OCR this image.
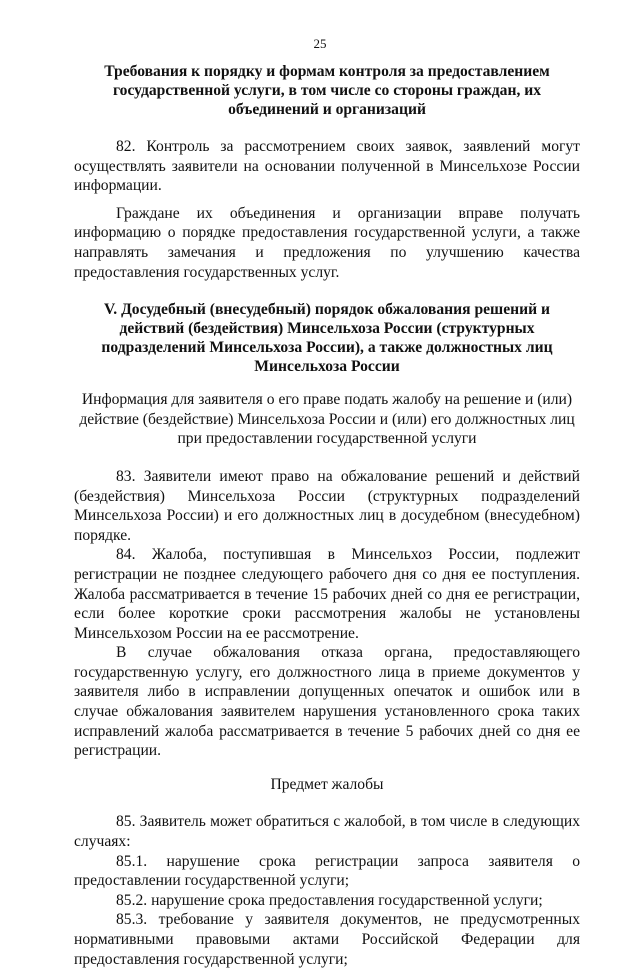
25
Требования к порядку и формам контроля за предоставлением государственной услуги, в том числе со стороны граждан, их объединений и организаций

82. Контроль за рассмотрением своих заявок, заявлений могут осуществлять заявители на основании полученной в Минсельхозе России информации.

Граждане их объединения и организации вправе получать информацию о порядке предоставления государственной услуги, а также направлять замечания и предложения по улучшению качества предоставления государственных услуг.

V. Досудебный (внесудебный) порядок обжалования решений и действий (бездействия) Минсельхоза России (структурных подразделений Минсельхоза России), а также должностных лиц Минсельхоза России
Информация для заявителя о его праве подать жалобу на решение и (или) действие (бездействие) Минсельхоза России и (или) его должностных лиц при предоставлении государственной услуги

83. Заявители имеют право на обжалование решений и действий (бездействия) Минсельхоза России (структурных подразделений Минсельхоза России) и его должностных лиц в досудебном (внесудебном) порядке.

84. Жалоба, поступившая в Минсельхоз России, подлежит регистрации не позднее следующего рабочего дня со дня ее поступления. Жалоба рассматривается в течение 15 рабочих дней со дня ее регистрации, если более короткие сроки рассмотрения жалобы не установлены Минсельхозом России на ее рассмотрение.

В случае обжалования отказа органа, предоставляющего государственную услугу, его должностного лица в приеме документов у заявителя либо в исправлении допущенных опечаток и ошибок или в случае обжалования заявителем нарушения установленного срока таких исправлений жалоба рассматривается в течение 5 рабочих дней со дня ее регистрации.

Предмет жалобы

85. Заявитель может обратиться с жалобой, в том числе в следующих случаях:

85.1. нарушение срока регистрации запроса заявителя о предоставлении государственной услуги;

85.2. нарушение срока предоставления государственной услуги;

85.3. требование у заявителя документов, не предусмотренных нормативными правовыми актами Российской Федерации для предоставления государственной услуги;
